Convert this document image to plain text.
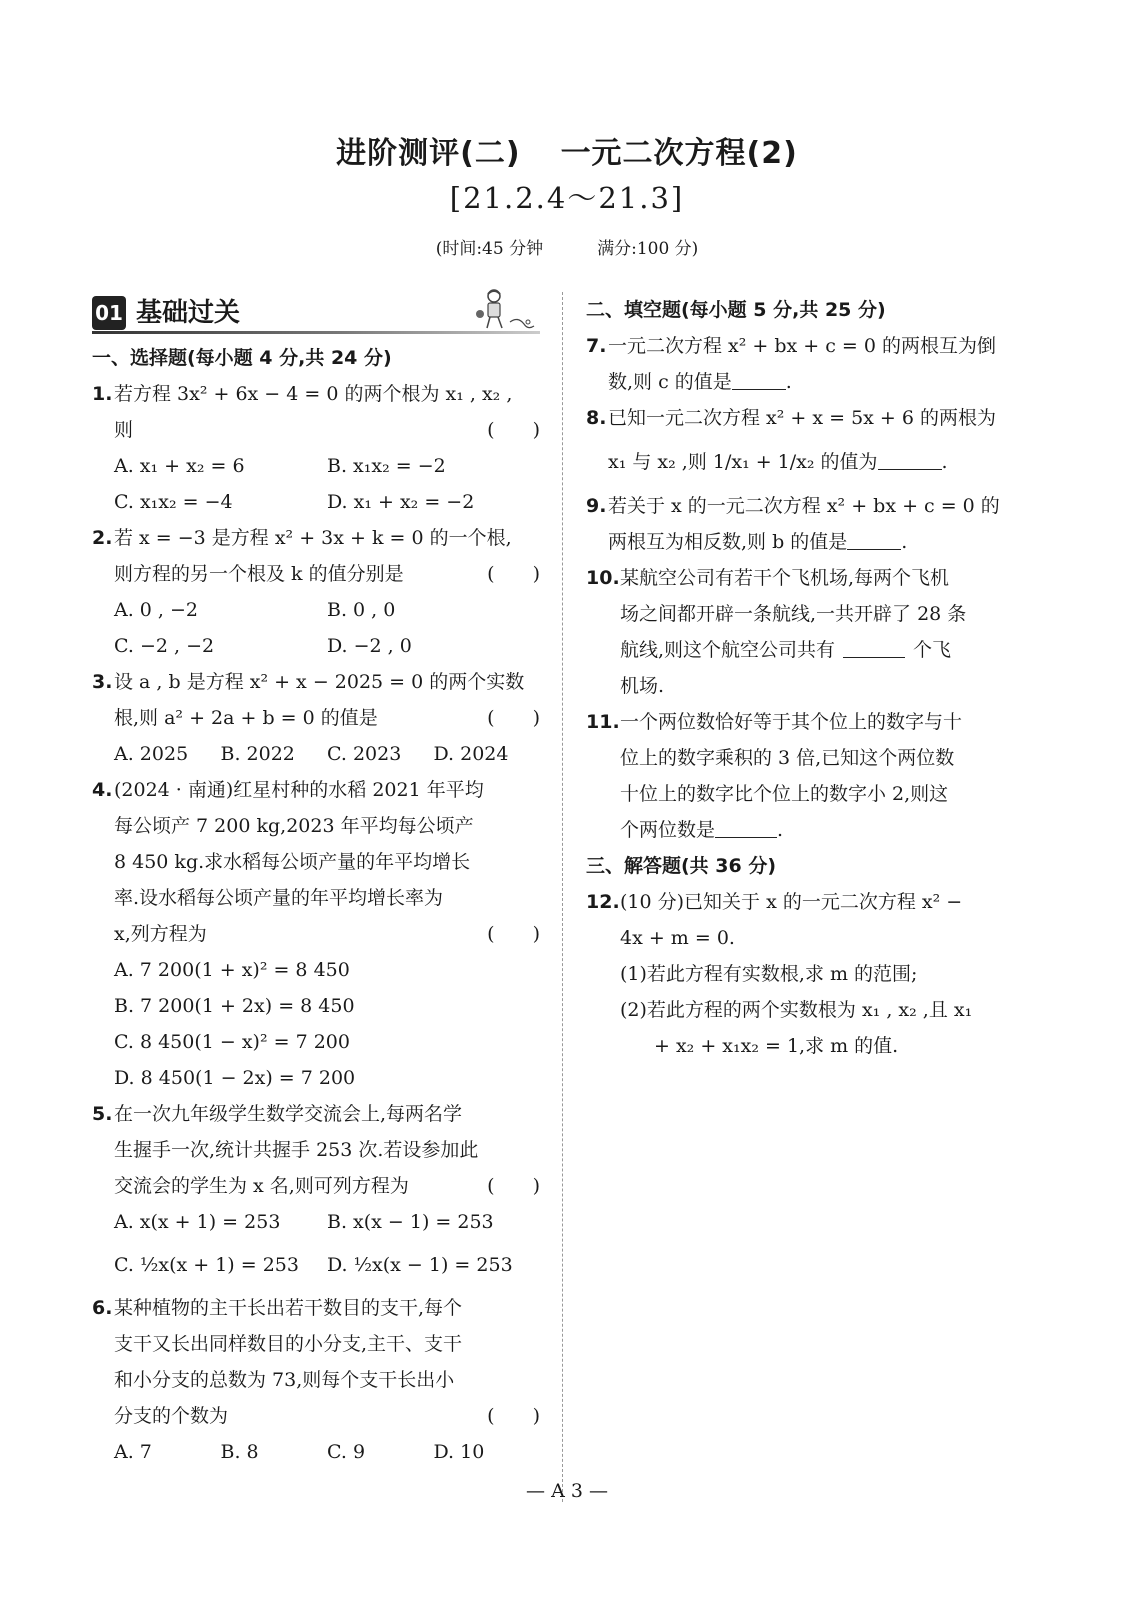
进阶测评(二) 一元二次方程(2)
[21.2.4～21.3]
(时间:45 分钟	满分:100 分)
01 基础过关
一、选择题(每小题 4 分,共 24 分)
1. 若方程 3x² + 6x − 4 = 0 的两个根为 x₁ , x₂ ,
则	(　　)
A. x₁ + x₂ = 6	B. x₁x₂ = −2
C. x₁x₂ = −4	D. x₁ + x₂ = −2
2. 若 x = −3 是方程 x² + 3x + k = 0 的一个根,
则方程的另一个根及 k 的值分别是	(　　)
A. 0 , −2	B. 0 , 0
C. −2 , −2	D. −2 , 0
3. 设 a , b 是方程 x² + x − 2025 = 0 的两个实数
根,则 a² + 2a + b = 0 的值是	(　　)
A. 2025	B. 2022	C. 2023	D. 2024
4. (2024 · 南通)红星村种的水稻 2021 年平均
每公顷产 7 200 kg,2023 年平均每公顷产
8 450 kg.求水稻每公顷产量的年平均增长
率.设水稻每公顷产量的年平均增长率为
x,列方程为	(　　)
A. 7 200(1 + x)² = 8 450
B. 7 200(1 + 2x) = 8 450
C. 8 450(1 − x)² = 7 200
D. 8 450(1 − 2x) = 7 200
5. 在一次九年级学生数学交流会上,每两名学
生握手一次,统计共握手 253 次.若设参加此
交流会的学生为 x 名,则可列方程为	(　　)
A. x(x + 1) = 253	B. x(x − 1) = 253
C. ½x(x + 1) = 253	D. ½x(x − 1) = 253
6. 某种植物的主干长出若干数目的支干,每个
支干又长出同样数目的小分支,主干、支干
和小分支的总数为 73,则每个支干长出小
分支的个数为	(　　)
A. 7	B. 8	C. 9	D. 10
二、填空题(每小题 5 分,共 25 分)
7. 一元二次方程 x² + bx + c = 0 的两根互为倒
数,则 c 的值是	.
8. 已知一元二次方程 x² + x = 5x + 6 的两根为
x₁ 与 x₂ ,则 1/x₁ + 1/x₂ 的值为	.
9. 若关于 x 的一元二次方程 x² + bx + c = 0 的
两根互为相反数,则 b 的值是	.
10. 某航空公司有若干个飞机场,每两个飞机
场之间都开辟一条航线,一共开辟了 28 条
航线,则这个航空公司共有	个飞
机场.
11. 一个两位数恰好等于其个位上的数字与十
位上的数字乘积的 3 倍,已知这个两位数
十位上的数字比个位上的数字小 2,则这
个两位数是	.
三、解答题(共 36 分)
12. (10 分)已知关于 x 的一元二次方程 x² −
4x + m = 0.
(1)若此方程有实数根,求 m 的范围;
(2)若此方程的两个实数根为 x₁ , x₂ ,且 x₁
+ x₂ + x₁x₂ = 1,求 m 的值.
— A 3 —
